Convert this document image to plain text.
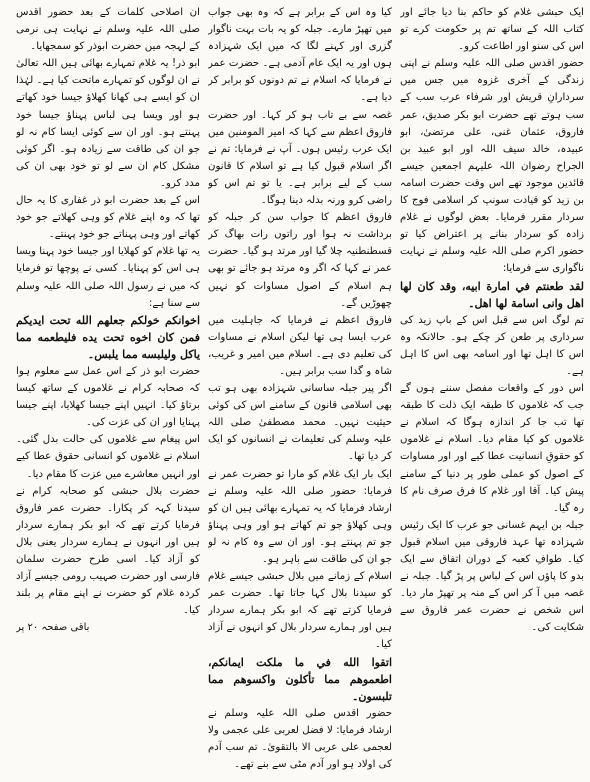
ایک حبشی غلام کو حاکم بنا دیا جائے اور کتاب اللہ کے ساتھ تم پر حکومت کرے تو اس کی سنو اور اطاعت کرو۔

حضور اقدس صلی اللہ علیہ وسلم نے اپنی زندگی کے آخری غزوہ میں جس میں سردارانِ قریش اور شرفاء عرب سب کے سب ہوتے تھے حضرت ابو بکر صدیق، عمر فاروق، عثمان غنی، علی مرتضیٰ، ابو عبیدہ، خالد سیف اللہ اور ابو عبید بن الجراح رضوان اللہ علیہم اجمعین جیسے قائدین موجود تھے اس وقت حضرت اسامہ بن زید کو قیادت سونپ کر اسلامی فوج کا سردار مقرر فرمایا۔ بعض لوگوں نے غلام زادہ کو سردار بنانے پر اعتراض کیا تو حضور اکرم صلی اللہ علیہ وسلم نے نہایت ناگواری سے فرمایا:

لقد طعنتم في امارة ابيه، وقد كان لها اهل وانی اسامة لها اهل۔

تم لوگ اس سے قبل اس کے باپ زید کی سرداری پر طعن کر چکے ہو۔ حالانکہ وہ اس کا اہل تھا اور اسامہ بھی اس کا اہل ہے۔

اس دور کے واقعات مفصل سننے ہوں گے جب کہ غلاموں کا طبقہ ایک ذلت کا طبقہ تھا تب جا کر اندازہ ہوگا کہ اسلام نے غلاموں کو کیا مقام دیا۔ اسلام نے غلاموں کو حقوقِ انسانیت عطا کیے اور اور مساوات کے اصول کو عملی طور پر دنیا کے سامنے پیش کیا۔ آقا اور غلام کا فرق صرف نام کا رہ گیا۔

جبلہ بن ایہم غسانی جو عرب کا ایک رئیس شہزادہ تھا عہد فاروقی میں اسلام قبول کیا۔ طوافِ کعبہ کے دوران اتفاق سے ایک بدو کا پاؤں اس کے لباس پر پڑ گیا۔ جبلہ نے غصہ میں آ کر اس کے منہ پر تھپڑ مار دیا۔ اس شخص نے حضرت عمر فاروق سے شکایت کی۔

کیا وہ اس کے برابر ہے کہ وہ بھی جواب میں تھپڑ مارے۔ جبلہ کو یہ بات بہت ناگوار گزری اور کہنے لگا کہ میں ایک شہزادہ ہوں اور یہ ایک عام آدمی ہے۔ حضرت عمر نے فرمایا کہ اسلام نے تم دونوں کو برابر کر دیا ہے۔

غصہ سے بے تاب ہو کر کہا۔ اور حضرت فاروق اعظم سے کہا کہ امیر المومنین میں ایک عرب رئیس ہوں۔ آپ نے فرمایا: تم نے اگر اسلام قبول کیا ہے تو اسلام کا قانون سب کے لیے برابر ہے۔ یا تو تم اس کو راضی کرو ورنہ بدلہ دینا ہوگا۔

فاروق اعظم کا جواب سن کر جبلہ کو برداشت نہ ہوا اور راتوں رات بھاگ کر قسطنطنیہ چلا گیا اور مرتد ہو گیا۔ حضرت عمر نے کہا کہ اگر وہ مرتد ہو جائے تو بھی ہم اسلام کے اصول مساوات کو نہیں چھوڑیں گے۔

فاروق اعظم نے فرمایا کہ جاہلیت میں عرب ایسا ہی تھا لیکن اسلام نے مساوات کی تعلیم دی ہے۔ اسلام میں امیر و غریب، شاہ و گدا سب برابر ہیں۔

اگر پیر جبلہ ساسانی شہزادہ بھی ہو تب بھی اسلامی قانون کے سامنے اس کی کوئی حیثیت نہیں۔ محمد مصطفیٰ صلی اللہ علیہ وسلم کی تعلیمات نے انسانوں کو ایک کر دیا تھا۔

ایک بار ایک غلام کو مارا تو حضرت عمر نے فرمایا: حضور صلی اللہ علیہ وسلم نے ارشاد فرمایا کہ یہ تمہارے بھائی ہیں ان کو وہی کھلاؤ جو تم کھاتے ہو اور وہی پہناؤ جو تم پہنتے ہو۔ اور ان سے وہ کام نہ لو جو ان کی طاقت سے باہر ہو۔

اسلام کے زمانے میں بلال حبشی جیسے غلام کو سیدنا بلال کہا جاتا تھا۔ حضرت عمر فرمایا کرتے تھے کہ ابو بکر ہمارے سردار ہیں اور ہمارے سردار بلال کو انہوں نے آزاد کیا۔

اتقوا الله في ما ملكت ايمانكم، اطعموهم مما تأكلون واكسوهم مما تلبسون۔

حضور اقدس صلی اللہ علیہ وسلم نے ارشاد فرمایا: لا فضل لعربی علی عجمی ولا لعجمی علی عربی الا بالتقویٰ۔ تم سب آدم کی اولاد ہو اور آدم مٹی سے بنے تھے۔

ان اصلاحی کلمات کے بعد حضور اقدس صلی اللہ علیہ وسلم نے نہایت ہی نرمی کے لہجہ میں حضرت ابوذر کو سمجھایا۔

ابو ذر! یہ غلام تمہارے بھائی ہیں اللہ تعالیٰ نے ان لوگوں کو تمہارے ماتحت کیا ہے۔ لہٰذا ان کو ایسے ہی کھانا کھلاؤ جیسا خود کھاتے ہو اور ویسا ہی لباس پہناؤ جیسا خود پہنتے ہو۔ اور ان سے کوئی ایسا کام نہ لو جو ان کی طاقت سے زیادہ ہو۔ اگر کوئی مشکل کام ان سے لو تو خود بھی ان کی مدد کرو۔

اس کے بعد حضرت ابو ذر غفاری کا یہ حال تھا کہ وہ اپنے غلام کو وہی کھلاتے جو خود کھاتے اور وہی پہناتے جو خود پہنتے۔

یہ تھا غلام کو کھلایا اور جیسا خود پہنا ویسا ہی اس کو پہنایا۔ کسی نے پوچھا تو فرمایا کہ میں نے رسول اللہ صلی اللہ علیہ وسلم سے سنا ہے:

اخوانکم خولکم جعلهم الله تحت ایدیکم فمن کان اخوه تحت یده فلیطعمه مما یاکل ولیلبسه مما یلبس۔

حضرت ابو ذر کے اس عمل سے معلوم ہوا کہ صحابہ کرام نے غلاموں کے ساتھ کیسا برتاؤ کیا۔ انہیں اپنے جیسا کھلایا، اپنے جیسا پہنایا اور ان کی عزت کی۔

اس پیغام سے غلاموں کی حالت بدل گئی۔ اسلام نے غلاموں کو انسانی حقوق عطا کیے اور انہیں معاشرے میں عزت کا مقام دیا۔

حضرت بلال حبشی کو صحابہ کرام نے سیدنا کہہ کر پکارا۔ حضرت عمر فاروق فرمایا کرتے تھے کہ ابو بکر ہمارے سردار ہیں اور انہوں نے ہمارے سردار یعنی بلال کو آزاد کیا۔ اسی طرح حضرت سلمان فارسی اور حضرت صہیب رومی جیسے آزاد کردہ غلام کو حضرت نے اپنے مقام پر بلند کیا۔

باقی صفحہ ۲۰ پر
